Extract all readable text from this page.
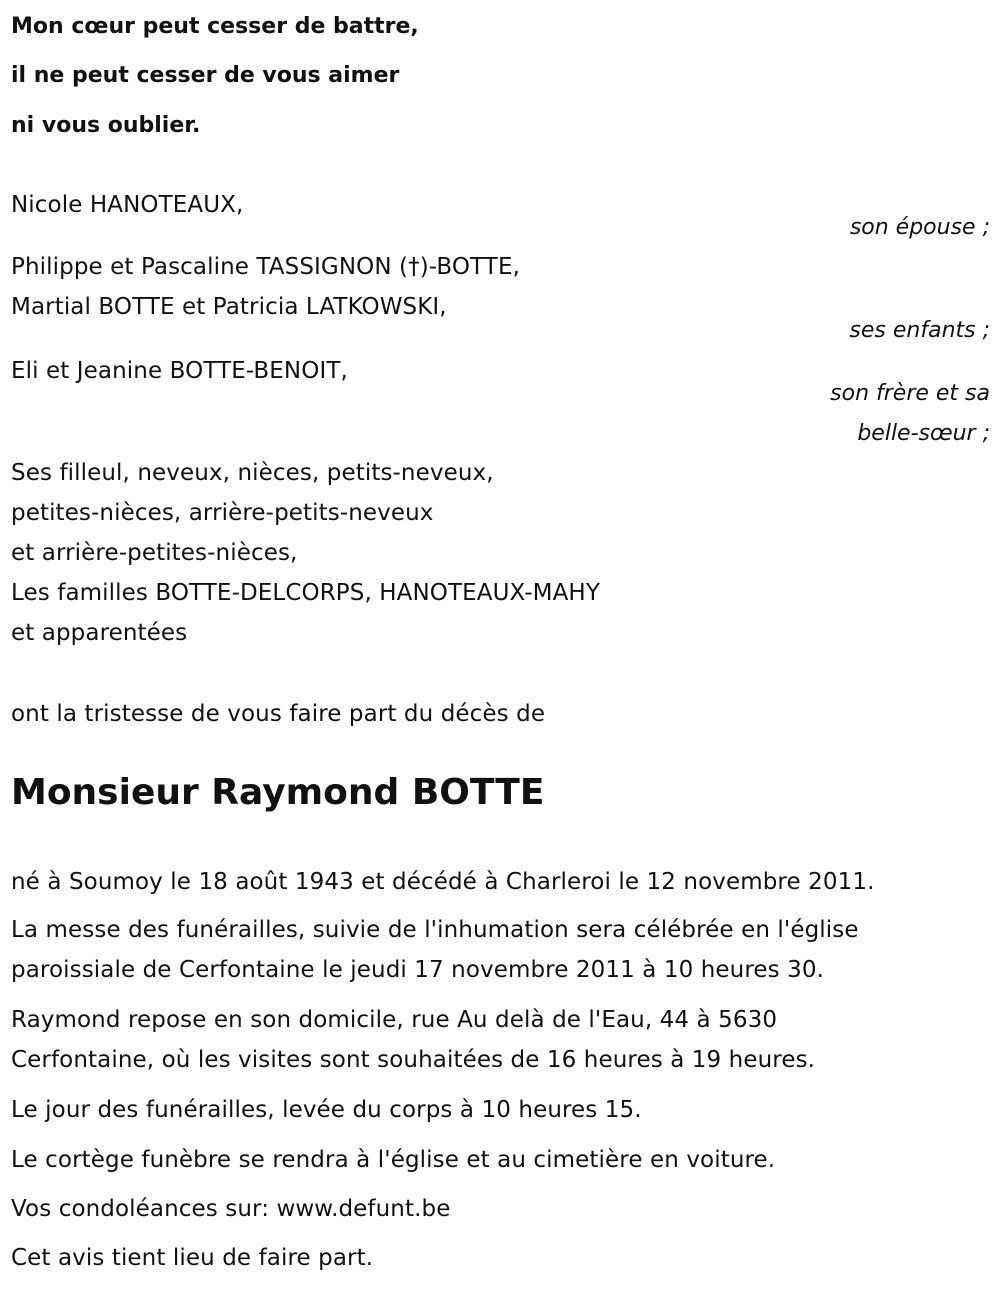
Mon cœur peut cesser de battre,
il ne peut cesser de vous aimer
ni vous oublier.
Nicole HANOTEAUX,
son épouse ;
Philippe et Pascaline TASSIGNON (†)-BOTTE,
Martial BOTTE et Patricia LATKOWSKI,
ses enfants ;
Eli et Jeanine BOTTE-BENOIT,
son frère et sa
belle-sœur ;
Ses filleul, neveux, nièces, petits-neveux,
petites-nièces, arrière-petits-neveux
et arrière-petites-nièces,
Les familles BOTTE-DELCORPS, HANOTEAUX-MAHY
et apparentées
ont la tristesse de vous faire part du décès de
Monsieur Raymond BOTTE
né à Soumoy le 18 août 1943 et décédé à Charleroi le 12 novembre 2011.
La messe des funérailles, suivie de l'inhumation sera célébrée en l'église
paroissiale de Cerfontaine le jeudi 17 novembre 2011 à 10 heures 30.
Raymond repose en son domicile, rue Au delà de l'Eau, 44 à 5630
Cerfontaine, où les visites sont souhaitées de 16 heures à 19 heures.
Le jour des funérailles, levée du corps à 10 heures 15.
Le cortège funèbre se rendra à l'église et au cimetière en voiture.
Vos condoléances sur: www.defunt.be
Cet avis tient lieu de faire part.
